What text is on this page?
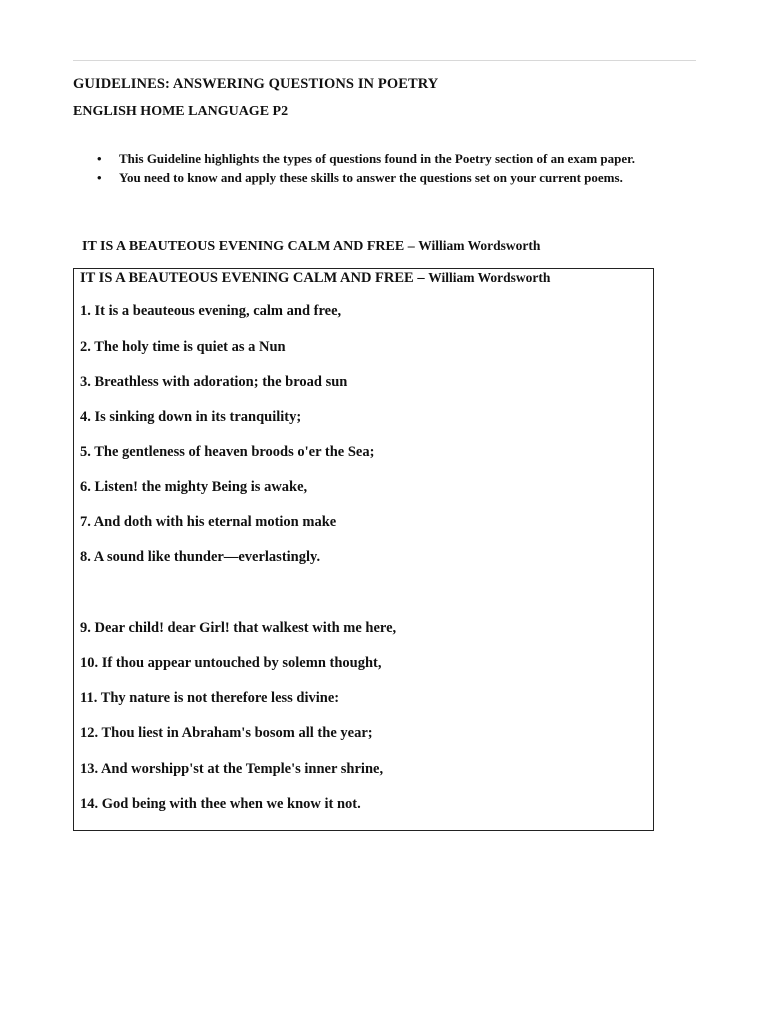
GUIDELINES: ANSWERING QUESTIONS IN POETRY
ENGLISH HOME LANGUAGE P2
• This Guideline highlights the types of questions found in the Poetry section of an exam paper.
• You need to know and apply these skills to answer the questions set on your current poems.
IT IS A BEAUTEOUS EVENING CALM AND FREE – William Wordsworth
IT IS A BEAUTEOUS EVENING CALM AND FREE – William Wordsworth
1. It is a beauteous evening, calm and free,
2. The holy time is quiet as a Nun
3. Breathless with adoration; the broad sun
4. Is sinking down in its tranquility;
5. The gentleness of heaven broods o'er the Sea;
6. Listen! the mighty Being is awake,
7. And doth with his eternal motion make
8. A sound like thunder—everlastingly.
9. Dear child! dear Girl! that walkest with me here,
10. If thou appear untouched by solemn thought,
11. Thy nature is not therefore less divine:
12. Thou liest in Abraham's bosom all the year;
13. And worshipp'st at the Temple's inner shrine,
14. God being with thee when we know it not.
